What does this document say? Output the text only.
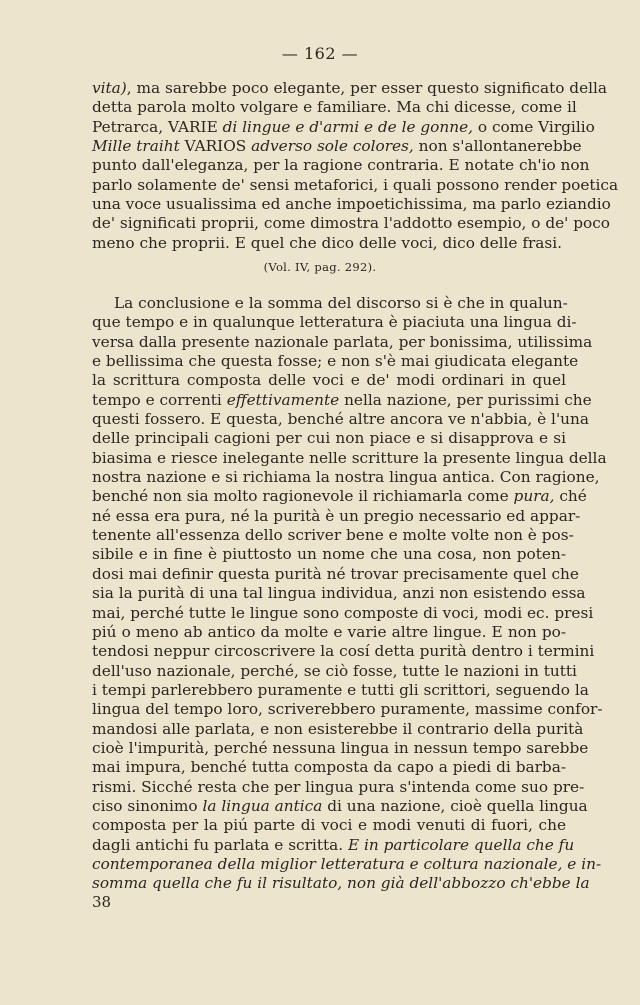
— 162 —
vita), ma sarebbe poco elegante, per esser questo significato della
detta parola molto volgare e familiare. Ma chi dicesse, come il
Petrarca, VARIE di lingue e d'armi e de le gonne, o come Virgilio
Mille traiht VARIOS adverso sole colores, non s'allontanerebbe
punto dall'eleganza, per la ragione contraria. E notate ch'io non
parlo solamente de' sensi metaforici, i quali possono render poetica
una voce usualissima ed anche impoetichissima, ma parlo eziandio
de' significati proprii, come dimostra l'addotto esempio, o de' poco
meno che proprii. E quel che dico delle voci, dico delle frasi.
(Vol. IV, pag. 292).
La conclusione e la somma del discorso si è che in qualun-
que tempo e in qualunque letteratura è piaciuta una lingua di-
versa dalla presente nazionale parlata, per bonissima, utilissima
e bellissima che questa fosse; e non s'è mai giudicata elegante
la scrittura composta delle voci e de' modi ordinari in quel
tempo e correnti effettivamente nella nazione, per purissimi che
questi fossero. E questa, benché altre ancora ve n'abbia, è l'una
delle principali cagioni per cui non piace e si disapprova e si
biasima e riesce inelegante nelle scritture la presente lingua della
nostra nazione e si richiama la nostra lingua antica. Con ragione,
benché non sia molto ragionevole il richiamarla come pura, ché
né essa era pura, né la purità è un pregio necessario ed appar-
tenente all'essenza dello scriver bene e molte volte non è pos-
sibile e in fine è piuttosto un nome che una cosa, non poten-
dosi mai definir questa purità né trovar precisamente quel che
sia la purità di una tal lingua individua, anzi non esistendo essa
mai, perché tutte le lingue sono composte di voci, modi ec. presi
piú o meno ab antico da molte e varie altre lingue. E non po-
tendosi neppur circoscrivere la cosí detta purità dentro i termini
dell'uso nazionale, perché, se ciò fosse, tutte le nazioni in tutti
i tempi parlerebbero puramente e tutti gli scrittori, seguendo la
lingua del tempo loro, scriverebbero puramente, massime confor-
mandosi alle parlata, e non esisterebbe il contrario della purità
cioè l'impurità, perché nessuna lingua in nessun tempo sarebbe
mai impura, benché tutta composta da capo a piedi di barba-
rismi. Sicché resta che per lingua pura s'intenda come suo pre-
ciso sinonimo la lingua antica di una nazione, cioè quella lingua
composta per la piú parte di voci e modi venuti di fuori, che
dagli antichi fu parlata e scritta. E in particolare quella che fu
contemporanea della miglior letteratura e coltura nazionale, e in-
somma quella che fu il risultato, non già dell'abbozzo ch'ebbe la
38
